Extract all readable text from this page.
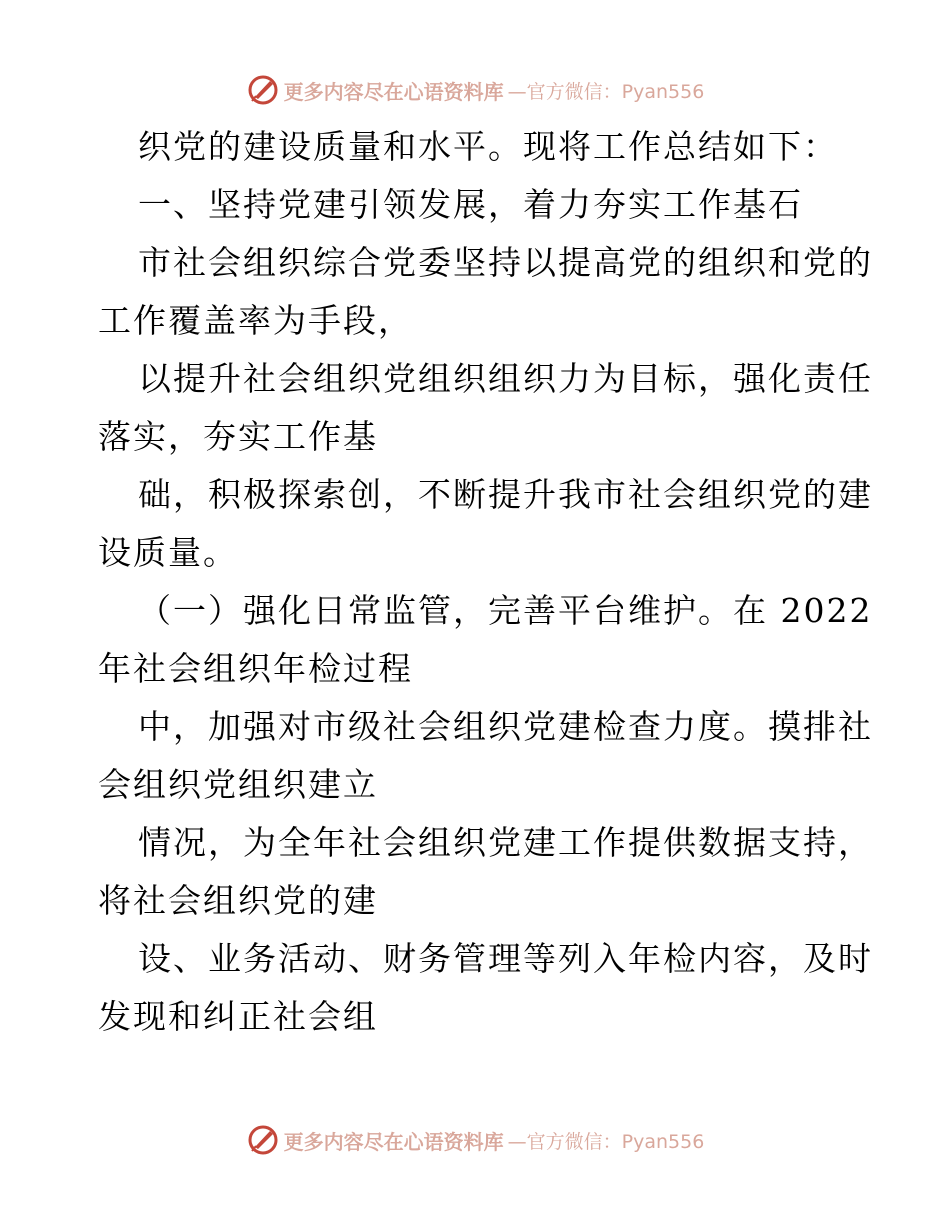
更多内容尽在心语资料库 —官方微信：Pyan556
织党的建设质量和水平。现将工作总结如下：
一、坚持党建引领发展，着力夯实工作基石
市社会组织综合党委坚持以提高党的组织和党的
工作覆盖率为手段，
以提升社会组织党组织组织力为目标，强化责任
落实，夯实工作基
础，积极探索创，不断提升我市社会组织党的建
设质量。
（一）强化日常监管，完善平台维护。在 2022
年社会组织年检过程
中，加强对市级社会组织党建检查力度。摸排社
会组织党组织建立
情况，为全年社会组织党建工作提供数据支持，
将社会组织党的建
设、业务活动、财务管理等列入年检内容，及时
发现和纠正社会组
更多内容尽在心语资料库 —官方微信：Pyan556
